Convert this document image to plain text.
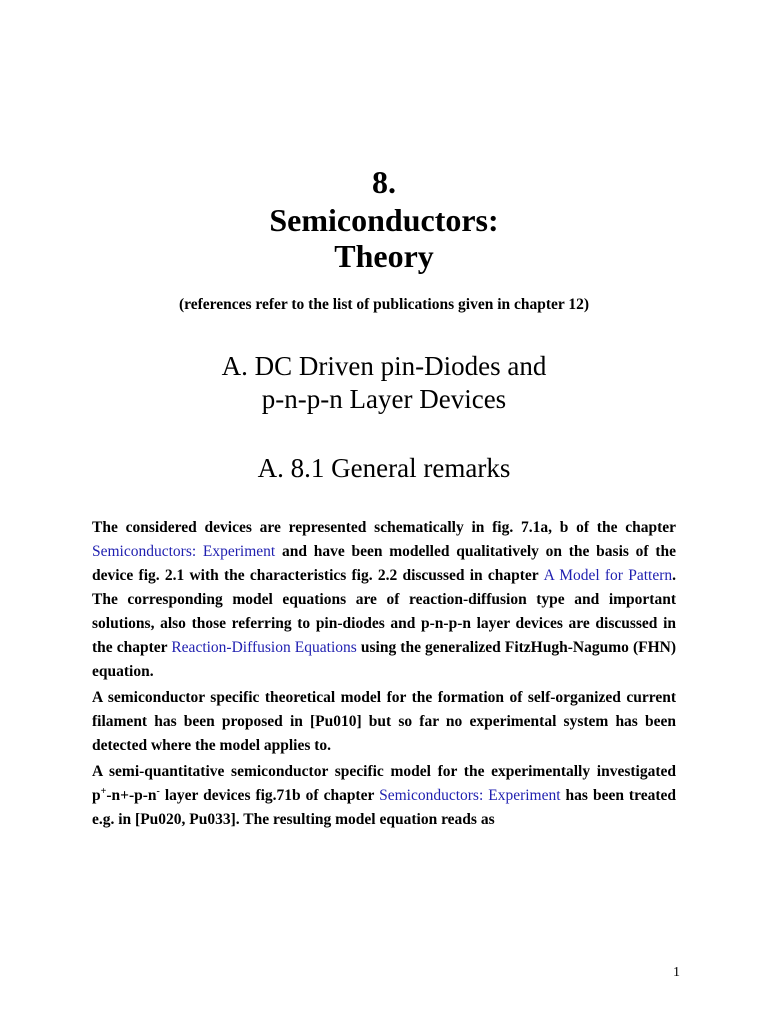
8.
Semiconductors:
Theory
(references refer to the list of publications given in chapter 12)
A. DC Driven pin-Diodes and
p-n-p-n Layer Devices
A. 8.1 General remarks

The considered devices are represented schematically in fig. 7.1a, b of the chapter Semiconductors: Experiment and have been modelled qualitatively on the basis of the device fig. 2.1 with the characteristics fig. 2.2 discussed in chapter A Model for Pattern. The corresponding model equations are of reaction-diffusion type and important solutions, also those referring to pin-diodes and p-n-p-n layer devices are discussed in the chapter Reaction-Diffusion Equations using the generalized FitzHugh-Nagumo (FHN) equation.

A semiconductor specific theoretical model for the formation of self-organized current filament has been proposed in [Pu010] but so far no experimental system has been detected where the model applies to.

A semi-quantitative semiconductor specific model for the experimentally investigated p+-n+-p-n- layer devices fig.71b of chapter Semiconductors: Experiment has been treated e.g. in [Pu020, Pu033]. The resulting model equation reads as

1
